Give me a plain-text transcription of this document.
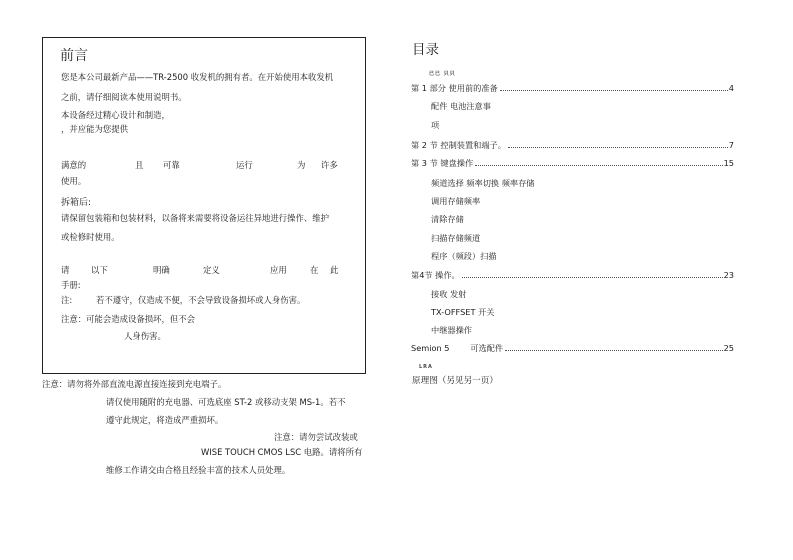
前言
您是本公司最新产品——TR-2500 收发机的拥有者。在开始使用本收发机
之前，请仔细阅读本使用说明书。
本设备经过精心设计和制造，
，并应能为您提供
满意的	且 可靠	运行	为 许多
使用。
拆箱后:
请保留包装箱和包装材料，以备将来需要将设备运往异地进行操作、维护
或检修时使用。
请	以下	明确	定义	应用	在 此
手册:
注:	若不遵守，仅造成不便，不会导致设备损坏或人身伤害。
注意：可能会造成设备损坏，但不会
人身伤害。
注意：请勿将外部直流电源直接连接到充电端子。
请仅使用随附的充电器、可选底座 ST-2 或移动支架 MS-1。若不
遵守此规定，将造成严重损坏。
注意：请勿尝试改装或
WISE TOUCH CMOS LSC 电路。请将所有
维修工作请交由合格且经验丰富的技术人员处理。
目录
已已 只只
第 1 部分 使用前的准备	4
配件 电池注意事
项
第 2 节 控制装置和端子。	7
第 3 节 键盘操作	15
频道选择 频率切换 频率存储
调用存储频率
清除存储
扫描存储频道
程序（频段）扫描
第4节 操作。	23
接收 发射
TX-OFFSET 开关
中继器操作
Semion 5        可选配件	25
LRA
原理图（另见另一页）
